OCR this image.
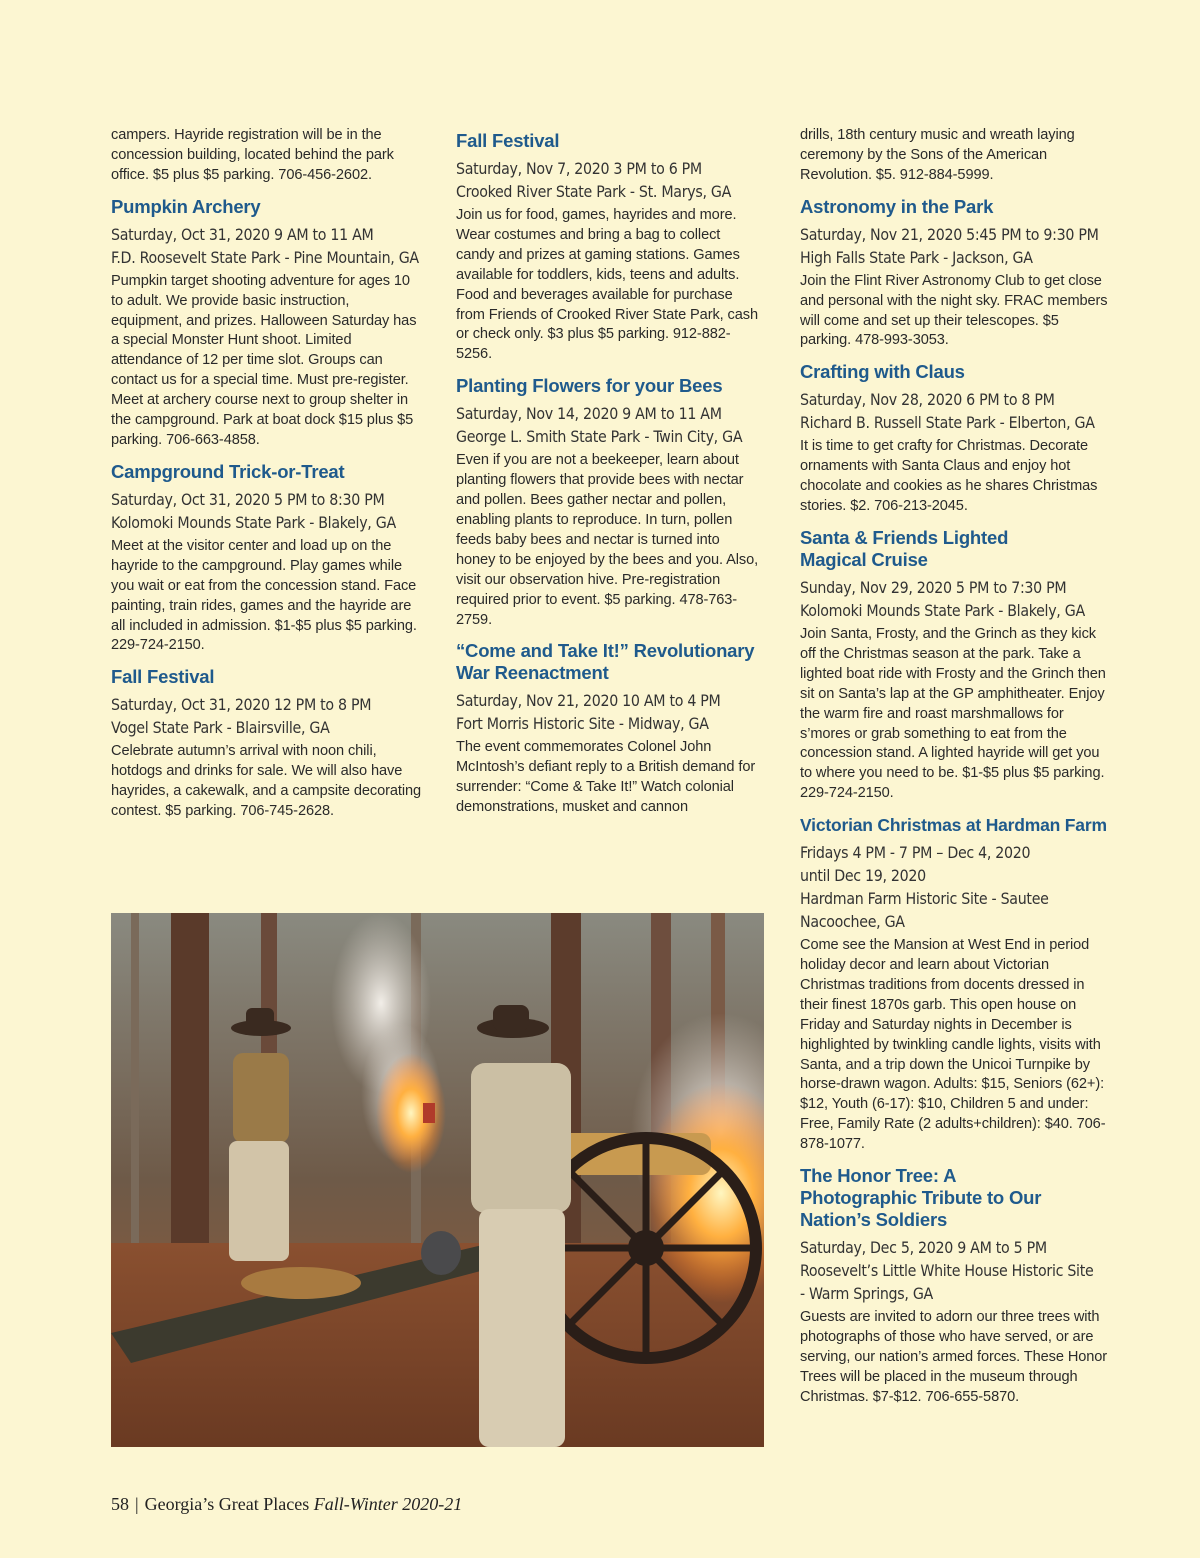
campers. Hayride registration will be in the concession building, located behind the park office. $5 plus $5 parking. 706-456-2602.

Pumpkin Archery
Saturday, Oct 31, 2020 9 AM to 11 AM
F.D. Roosevelt State Park - Pine Mountain, GA

Pumpkin target shooting adventure for ages 10 to adult. We provide basic instruction, equipment, and prizes. Halloween Saturday has a special Monster Hunt shoot. Limited attendance of 12 per time slot. Groups can contact us for a special time. Must pre-register. Meet at archery course next to group shelter in the campground. Park at boat dock $15 plus $5 parking. 706-663-4858.

Campground Trick-or-Treat
Saturday, Oct 31, 2020 5 PM to 8:30 PM
Kolomoki Mounds State Park - Blakely, GA

Meet at the visitor center and load up on the hayride to the campground. Play games while you wait or eat from the concession stand. Face painting, train rides, games and the hayride are all included in admission. $1-$5 plus $5 parking. 229-724-2150.

Fall Festival
Saturday, Oct 31, 2020 12 PM to 8 PM
Vogel State Park - Blairsville, GA

Celebrate autumn’s arrival with noon chili, hotdogs and drinks for sale. We will also have hayrides, a cakewalk, and a campsite decorating contest. $5 parking. 706-745-2628.

Fall Festival
Saturday, Nov 7, 2020 3 PM to 6 PM
Crooked River State Park - St. Marys, GA

Join us for food, games, hayrides and more. Wear costumes and bring a bag to collect candy and prizes at gaming stations. Games available for toddlers, kids, teens and adults. Food and beverages available for purchase from Friends of Crooked River State Park, cash or check only. $3 plus $5 parking. 912-882-5256.

Planting Flowers for your Bees
Saturday, Nov 14, 2020 9 AM to 11 AM
George L. Smith State Park - Twin City, GA

Even if you are not a beekeeper, learn about planting flowers that provide bees with nectar and pollen. Bees gather nectar and pollen, enabling plants to reproduce. In turn, pollen feeds baby bees and nectar is turned into honey to be enjoyed by the bees and you. Also, visit our observation hive. Pre-registration required prior to event. $5 parking. 478-763-2759.

“Come and Take It!” Revolutionary War Reenactment
Saturday, Nov 21, 2020 10 AM to 4 PM
Fort Morris Historic Site - Midway, GA

The event commemorates Colonel John McIntosh’s defiant reply to a British demand for surrender: “Come & Take It!” Watch colonial demonstrations, musket and cannon

drills, 18th century music and wreath laying ceremony by the Sons of the American Revolution. $5. 912-884-5999.

Astronomy in the Park
Saturday, Nov 21, 2020 5:45 PM to 9:30 PM
High Falls State Park - Jackson, GA

Join the Flint River Astronomy Club to get close and personal with the night sky. FRAC members will come and set up their telescopes. $5 parking. 478-993-3053.

Crafting with Claus
Saturday, Nov 28, 2020 6 PM to 8 PM
Richard B. Russell State Park - Elberton, GA

It is time to get crafty for Christmas. Decorate ornaments with Santa Claus and enjoy hot chocolate and cookies as he shares Christmas stories. $2. 706-213-2045.

Santa & Friends Lighted Magical Cruise
Sunday, Nov 29, 2020 5 PM to 7:30 PM
Kolomoki Mounds State Park - Blakely, GA

Join Santa, Frosty, and the Grinch as they kick off the Christmas season at the park. Take a lighted boat ride with Frosty and the Grinch then sit on Santa’s lap at the GP amphitheater. Enjoy the warm fire and roast marshmallows for s’mores or grab something to eat from the concession stand. A lighted hayride will get you to where you need to be. $1-$5 plus $5 parking. 229-724-2150.

Victorian Christmas at Hardman Farm
Fridays 4 PM - 7 PM – Dec 4, 2020 until Dec 19, 2020
Hardman Farm Historic Site - Sautee Nacoochee, GA

Come see the Mansion at West End in period holiday decor and learn about Victorian Christmas traditions from docents dressed in their finest 1870s garb. This open house on Friday and Saturday nights in December is highlighted by twinkling candle lights, visits with Santa, and a trip down the Unicoi Turnpike by horse-drawn wagon. Adults: $15, Seniors (62+): $12, Youth (6-17): $10, Children 5 and under: Free, Family Rate (2 adults+children): $40. 706-878-1077.

The Honor Tree: A Photographic Tribute to Our Nation’s Soldiers
Saturday, Dec 5, 2020 9 AM to 5 PM
Roosevelt’s Little White House Historic Site - Warm Springs, GA

Guests are invited to adorn our three trees with photographs of those who have served, or are serving, our nation’s armed forces. These Honor Trees will be placed in the museum through Christmas. $7-$12. 706-655-5870.

58 | Georgia’s Great Places Fall-Winter 2020-21
